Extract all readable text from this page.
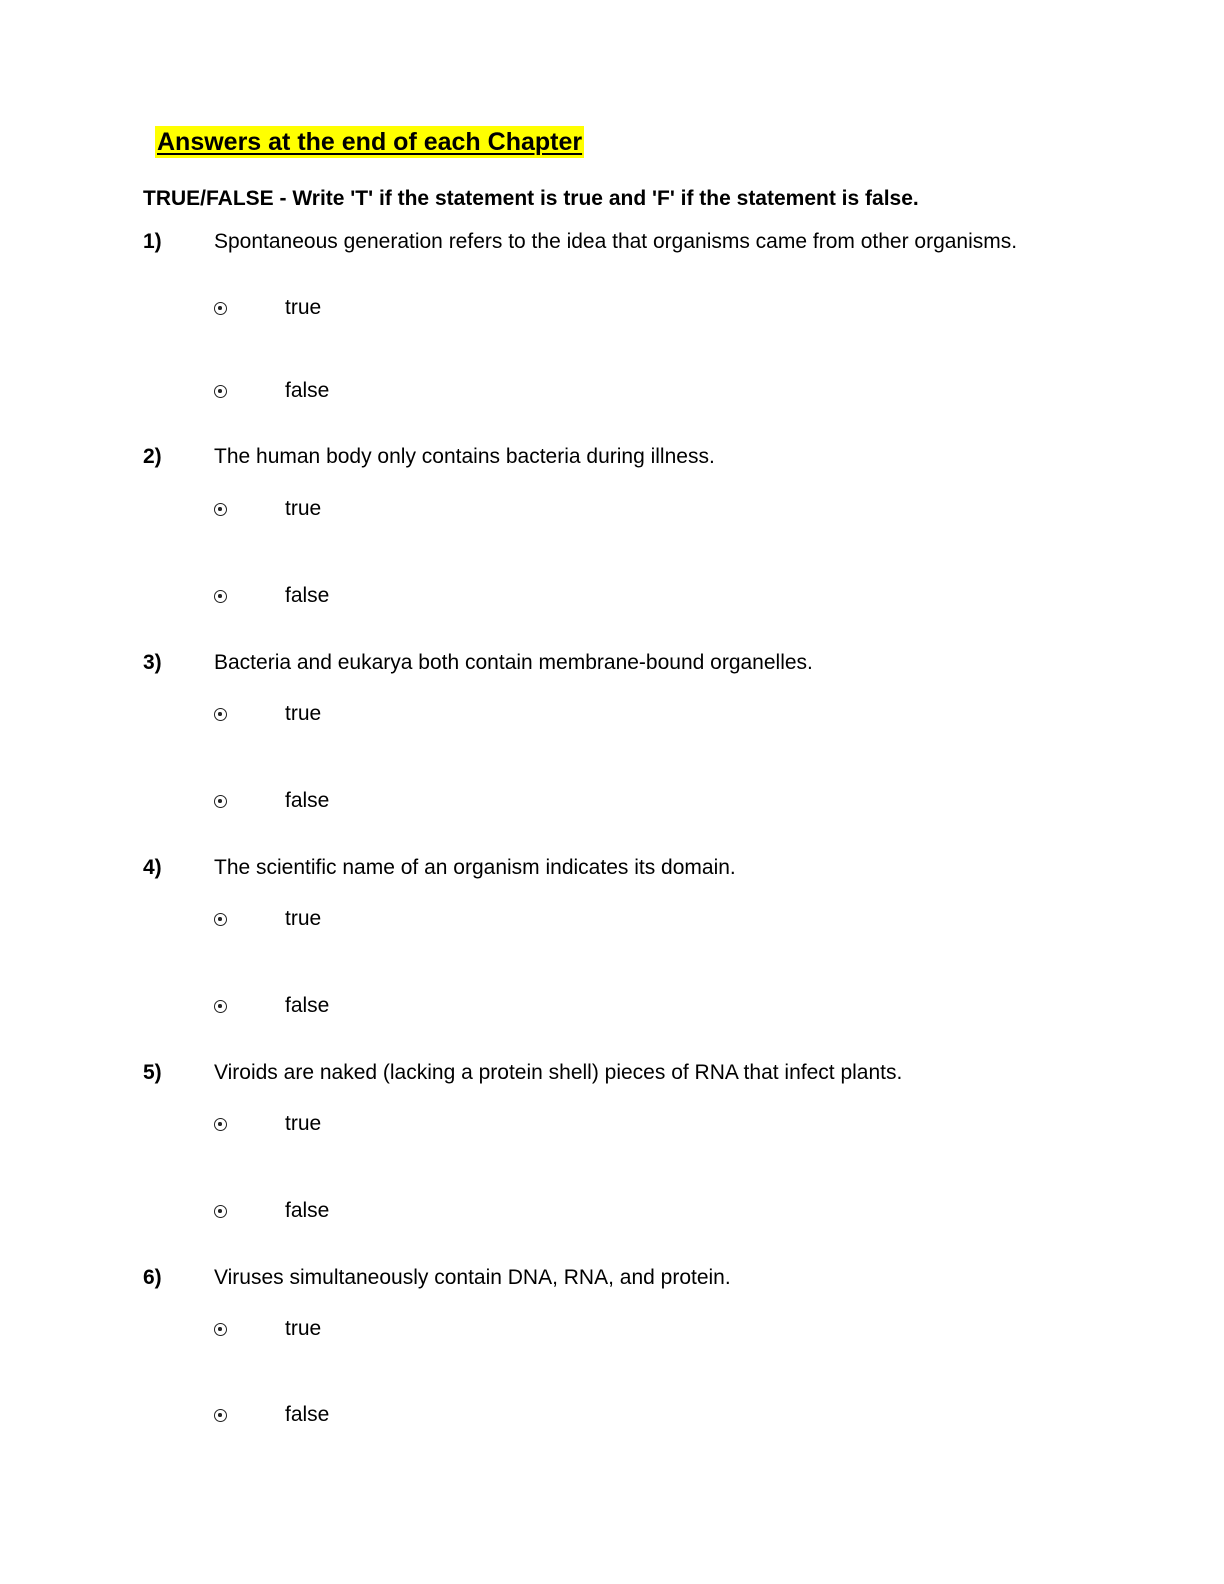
Answers at the end of each Chapter
TRUE/FALSE - Write 'T' if the statement is true and 'F' if the statement is false.
1) Spontaneous generation refers to the idea that organisms came from other organisms.
true
false
2) The human body only contains bacteria during illness.
true
false
3) Bacteria and eukarya both contain membrane-bound organelles.
true
false
4) The scientific name of an organism indicates its domain.
true
false
5) Viroids are naked (lacking a protein shell) pieces of RNA that infect plants.
true
false
6) Viruses simultaneously contain DNA, RNA, and protein.
true
false
